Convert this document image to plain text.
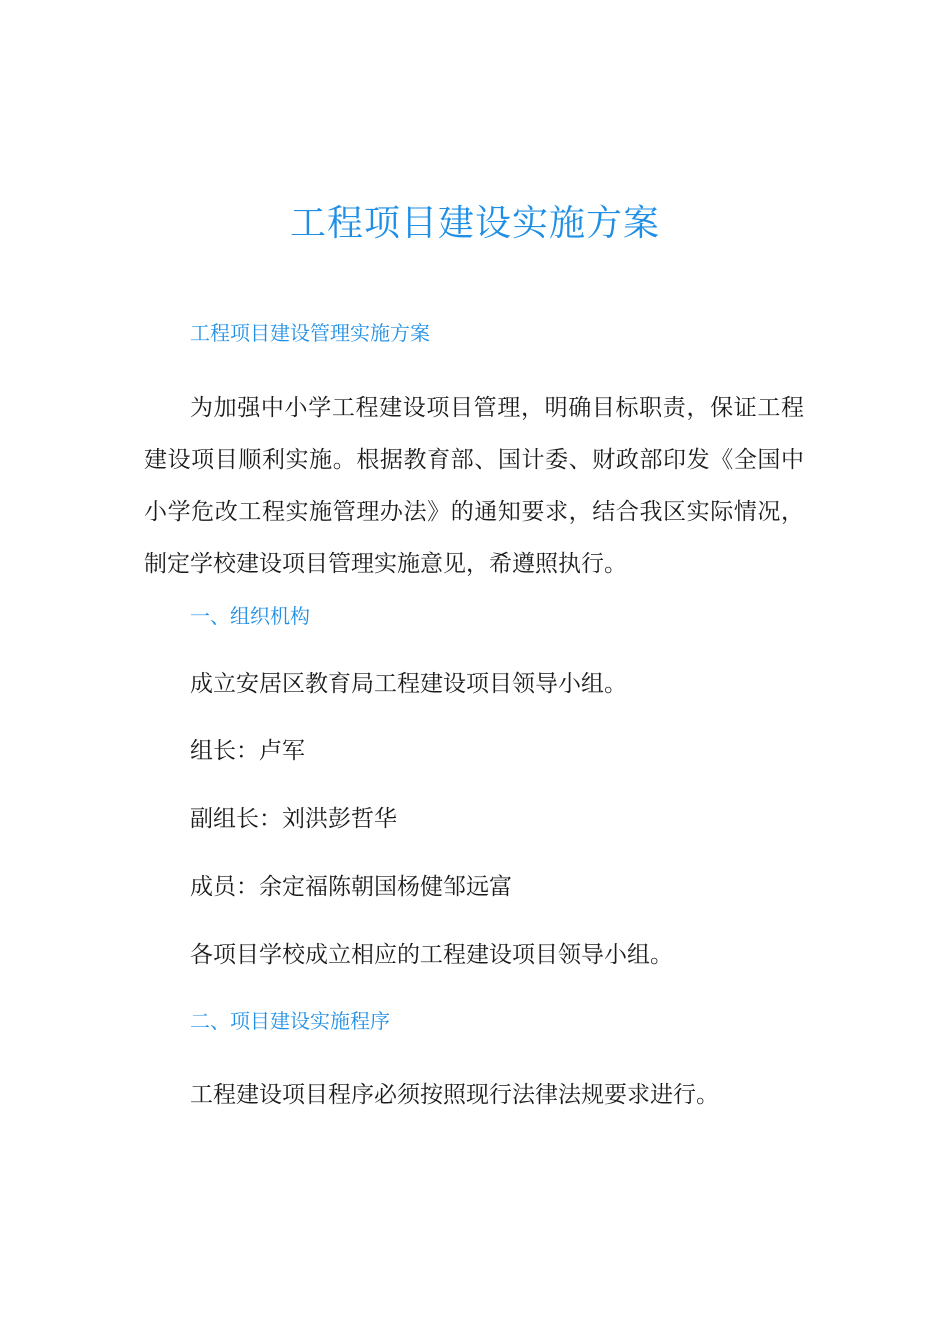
工程项目建设实施方案
工程项目建设管理实施方案
为加强中小学工程建设项目管理，明确目标职责，保证工程建设项目顺利实施。根据教育部、国计委、财政部印发《全国中小学危改工程实施管理办法》的通知要求，结合我区实际情况，制定学校建设项目管理实施意见，希遵照执行。
一、组织机构
成立安居区教育局工程建设项目领导小组。
组长：卢军
副组长：刘洪彭哲华
成员：余定福陈朝国杨健邹远富
各项目学校成立相应的工程建设项目领导小组。
二、项目建设实施程序
工程建设项目程序必须按照现行法律法规要求进行。
